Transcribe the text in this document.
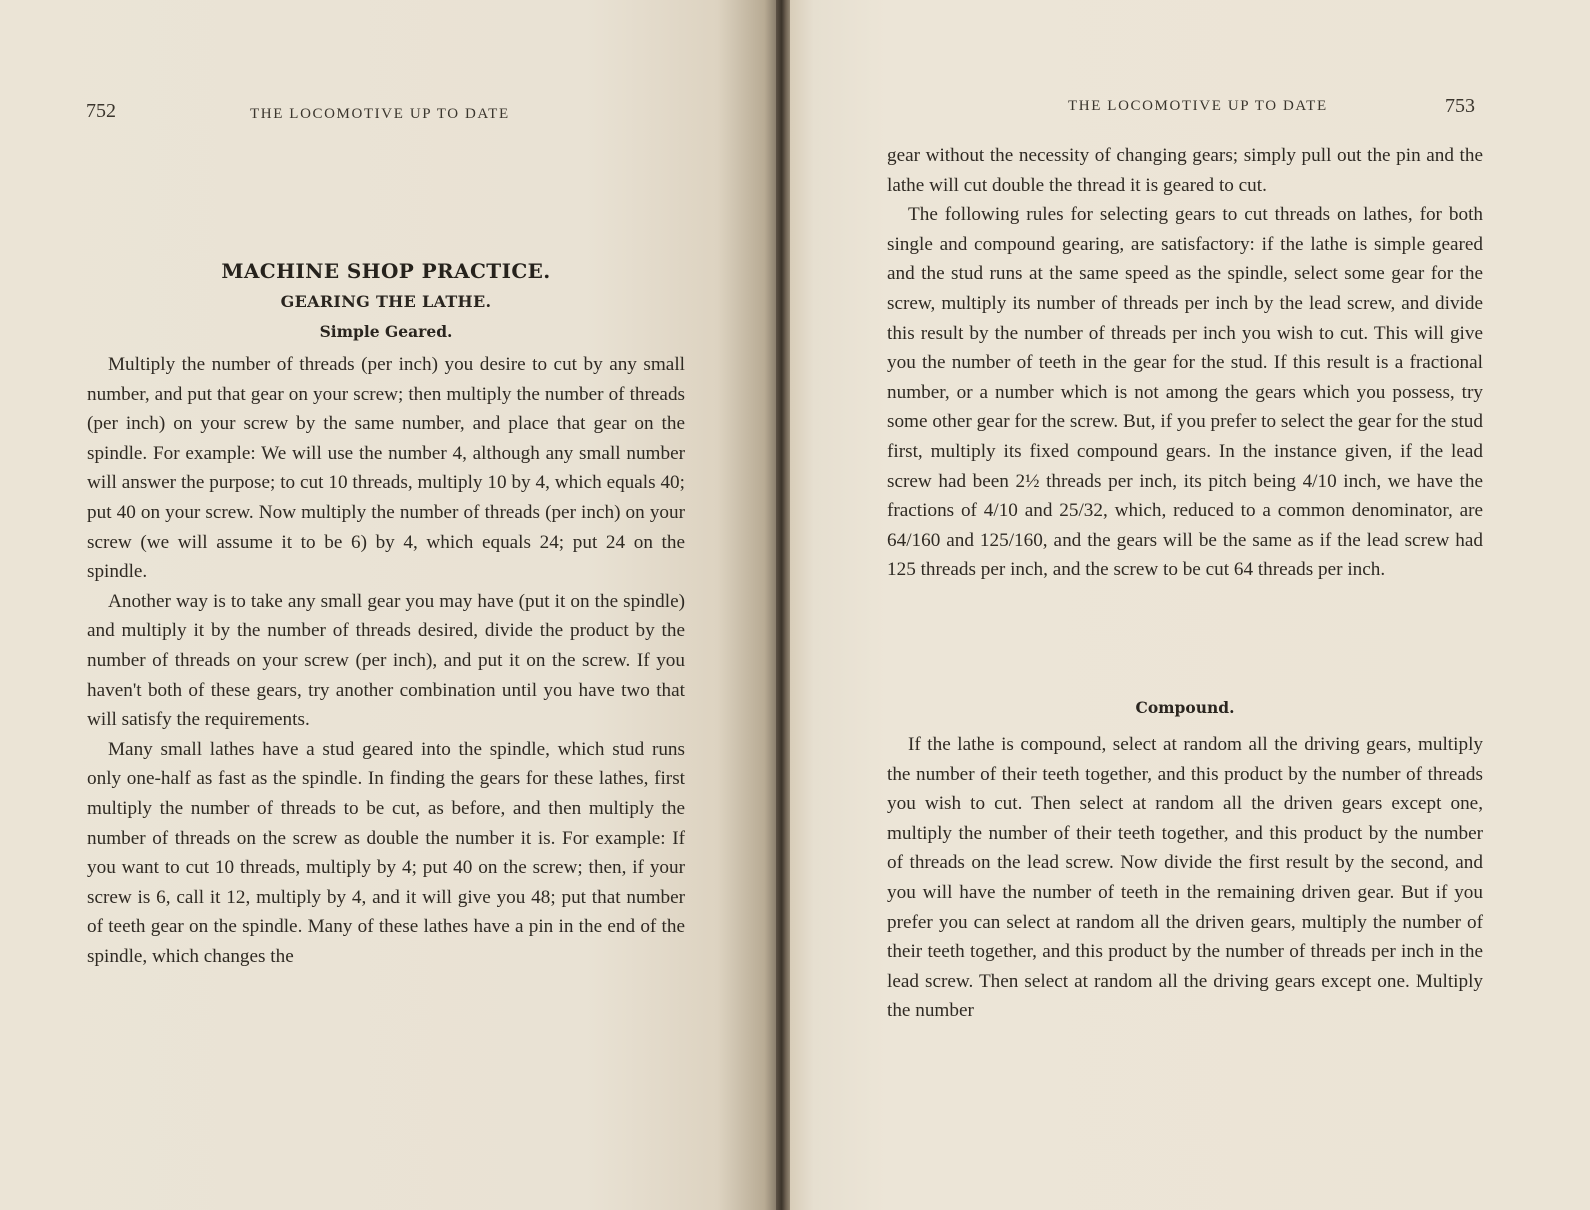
752	THE LOCOMOTIVE UP TO DATE
MACHINE SHOP PRACTICE.
GEARING THE LATHE.
Simple Geared.

Multiply the number of threads (per inch) you desire to cut by any small number, and put that gear on your screw; then multiply the number of threads (per inch) on your screw by the same number, and place that gear on the spindle. For example: We will use the number 4, although any small number will answer the purpose; to cut 10 threads, multiply 10 by 4, which equals 40; put 40 on your screw. Now multiply the number of threads (per inch) on your screw (we will assume it to be 6) by 4, which equals 24; put 24 on the spindle.

Another way is to take any small gear you may have (put it on the spindle) and multiply it by the number of threads desired, divide the product by the number of threads on your screw (per inch), and put it on the screw. If you haven't both of these gears, try another combination until you have two that will satisfy the requirements.

Many small lathes have a stud geared into the spindle, which stud runs only one-half as fast as the spindle. In finding the gears for these lathes, first multiply the number of threads to be cut, as before, and then multiply the number of threads on the screw as double the number it is. For example: If you want to cut 10 threads, multiply by 4; put 40 on the screw; then, if your screw is 6, call it 12, multiply by 4, and it will give you 48; put that number of teeth gear on the spindle. Many of these lathes have a pin in the end of the spindle, which changes the

THE LOCOMOTIVE UP TO DATE	753

gear without the necessity of changing gears; simply pull out the pin and the lathe will cut double the thread it is geared to cut.

The following rules for selecting gears to cut threads on lathes, for both single and compound gearing, are satisfactory: if the lathe is simple geared and the stud runs at the same speed as the spindle, select some gear for the screw, multiply its number of threads per inch by the lead screw, and divide this result by the number of threads per inch you wish to cut. This will give you the number of teeth in the gear for the stud. If this result is a fractional number, or a number which is not among the gears which you possess, try some other gear for the screw. But, if you prefer to select the gear for the stud first, multiply its fixed compound gears. In the instance given, if the lead screw had been 2½ threads per inch, its pitch being 4/10 inch, we have the fractions of 4/10 and 25/32, which, reduced to a common denominator, are 64/160 and 125/160, and the gears will be the same as if the lead screw had 125 threads per inch, and the screw to be cut 64 threads per inch.

Compound.

If the lathe is compound, select at random all the driving gears, multiply the number of their teeth together, and this product by the number of threads you wish to cut. Then select at random all the driven gears except one, multiply the number of their teeth together, and this product by the number of threads on the lead screw. Now divide the first result by the second, and you will have the number of teeth in the remaining driven gear. But if you prefer you can select at random all the driven gears, multiply the number of their teeth together, and this product by the number of threads per inch in the lead screw. Then select at random all the driving gears except one. Multiply the number
